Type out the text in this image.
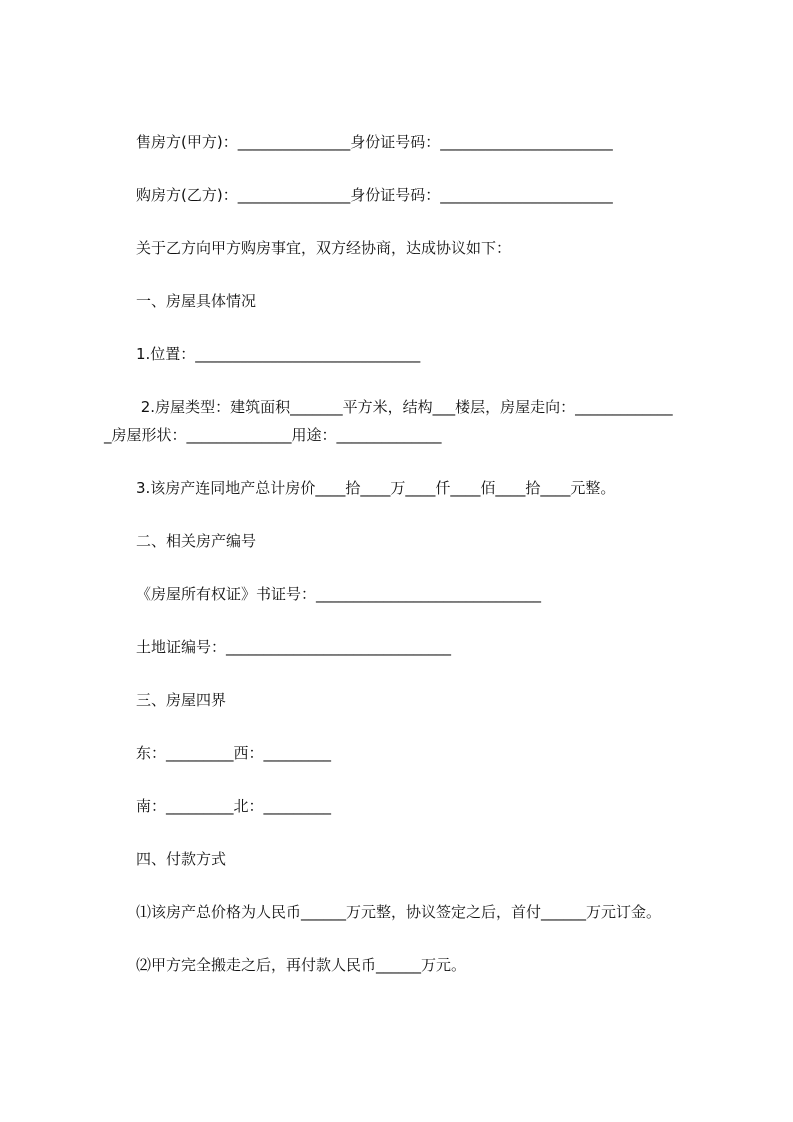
售房方(甲方)：_______________身份证号码：_______________________
购房方(乙方)：_______________身份证号码：_______________________
关于乙方向甲方购房事宜，双方经协商，达成协议如下：
一、房屋具体情况
1.位置：______________________________
2.房屋类型：建筑面积_______平方米，结构___楼层，房屋走向：_____________
_房屋形状：______________用途：______________
3.该房产连同地产总计房价____拾____万____仟____佰____拾____元整。
二、相关房产编号
《房屋所有权证》书证号：______________________________
土地证编号：______________________________
三、房屋四界
东：_________西：_________
南：_________北：_________
四、付款方式
⑴该房产总价格为人民币______万元整，协议签定之后，首付______万元订金。
⑵甲方完全搬走之后，再付款人民币______万元。
